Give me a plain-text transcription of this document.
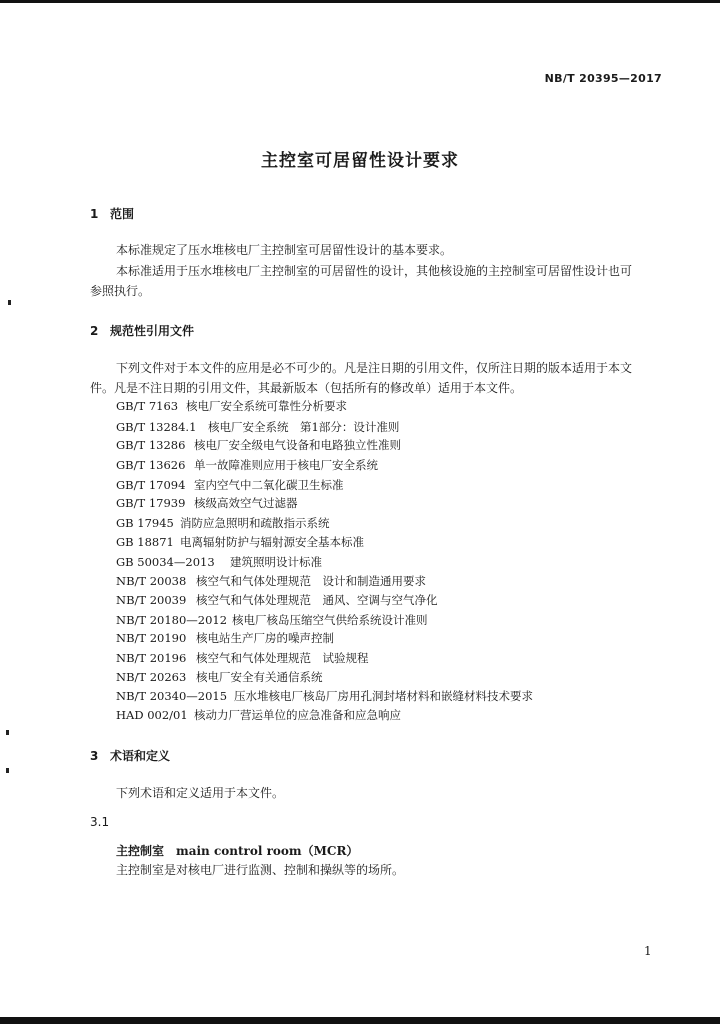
NB/T 20395—2017
主控室可居留性设计要求
1 范围
本标准规定了压水堆核电厂主控制室可居留性设计的基本要求。
本标准适用于压水堆核电厂主控制室的可居留性的设计，其他核设施的主控制室可居留性设计也可
参照执行。
2 规范性引用文件
下列文件对于本文件的应用是必不可少的。凡是注日期的引用文件，仅所注日期的版本适用于本文
件。凡是不注日期的引用文件，其最新版本（包括所有的修改单）适用于本文件。
GB/T 7163 核电厂安全系统可靠性分析要求
GB/T 13284.1 核电厂安全系统　第1部分：设计准则
GB/T 13286 核电厂安全级电气设备和电路独立性准则
GB/T 13626 单一故障准则应用于核电厂安全系统
GB/T 17094 室内空气中二氧化碳卫生标准
GB/T 17939 核级高效空气过滤器
GB 17945 消防应急照明和疏散指示系统
GB 18871 电离辐射防护与辐射源安全基本标准
GB 50034—2013 建筑照明设计标准
NB/T 20038 核空气和气体处理规范　设计和制造通用要求
NB/T 20039 核空气和气体处理规范　通风、空调与空气净化
NB/T 20180—2012 核电厂核岛压缩空气供给系统设计准则
NB/T 20190 核电站生产厂房的噪声控制
NB/T 20196 核空气和气体处理规范　试验规程
NB/T 20263 核电厂安全有关通信系统
NB/T 20340—2015 压水堆核电厂核岛厂房用孔洞封堵材料和嵌缝材料技术要求
HAD 002/01 核动力厂营运单位的应急准备和应急响应
3 术语和定义
下列术语和定义适用于本文件。
3.1
主控制室 main control room（MCR）
主控制室是对核电厂进行监测、控制和操纵等的场所。
1
